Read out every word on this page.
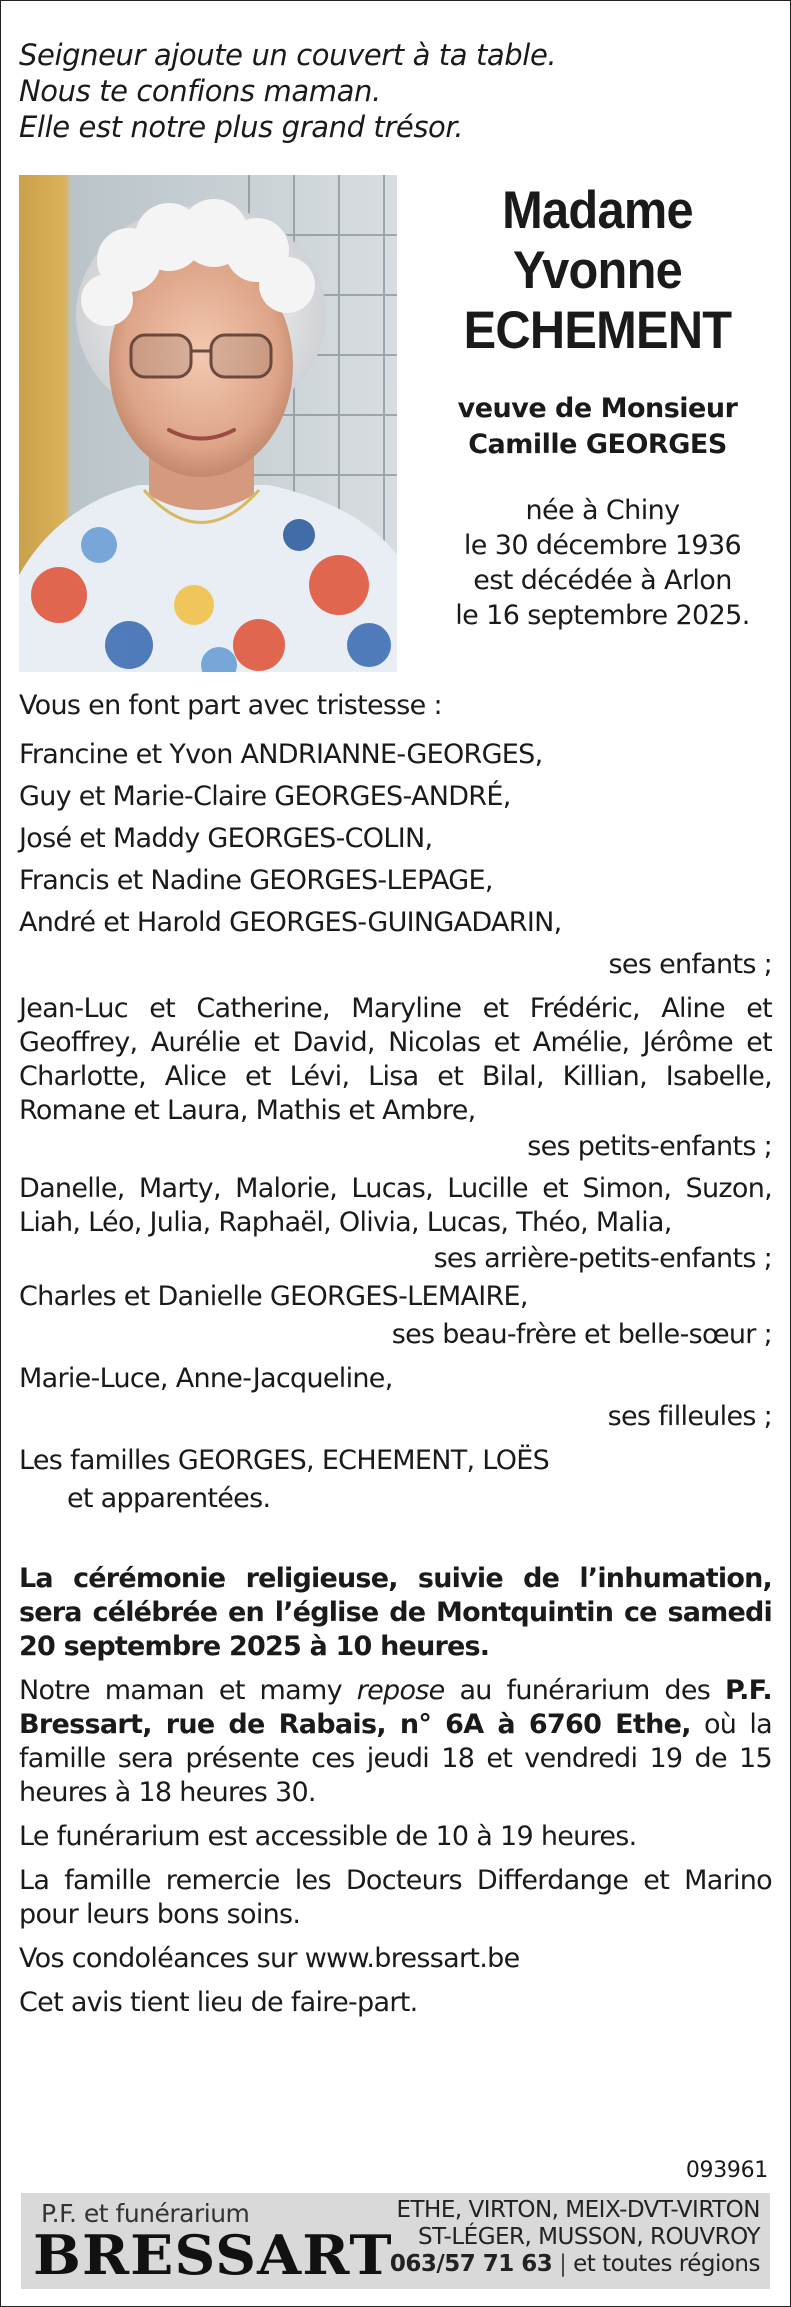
Seigneur ajoute un couvert à ta table.
Nous te confions maman.
Elle est notre plus grand trésor.
Madame
Yvonne
ECHEMENT
veuve de Monsieur
Camille GEORGES
née à Chiny
le 30 décembre 1936
est décédée à Arlon
le 16 septembre 2025.
Vous en font part avec tristesse :
Francine et Yvon ANDRIANNE-GEORGES,
Guy et Marie-Claire GEORGES-ANDRÉ,
José et Maddy GEORGES-COLIN,
Francis et Nadine GEORGES-LEPAGE,
André et Harold GEORGES-GUINGADARIN,
ses enfants ;
Jean-Luc et Catherine, Maryline et Frédéric, Aline et Geoffrey, Aurélie et David, Nicolas et Amélie, Jérôme et Charlotte, Alice et Lévi, Lisa et Bilal, Killian, Isabelle, Romane et Laura, Mathis et Ambre,
ses petits-enfants ;
Danelle, Marty, Malorie, Lucas, Lucille et Simon, Suzon, Liah, Léo, Julia, Raphaël, Olivia, Lucas, Théo, Malia,
ses arrière-petits-enfants ;
Charles et Danielle GEORGES-LEMAIRE,
ses beau-frère et belle-sœur ;
Marie-Luce, Anne-Jacqueline,
ses filleules ;
Les familles GEORGES, ECHEMENT, LOËS
et apparentées.
La cérémonie religieuse, suivie de l’inhumation, sera célébrée en l’église de Montquintin ce samedi 20 septembre 2025 à 10 heures.
Notre maman et mamy repose au funérarium des P.F. Bressart, rue de Rabais, n° 6A à 6760 Ethe, où la famille sera présente ces jeudi 18 et vendredi 19 de 15 heures à 18 heures 30.
Le funérarium est accessible de 10 à 19 heures.
La famille remercie les Docteurs Differdange et Marino pour leurs bons soins.
Vos condoléances sur www.bressart.be
Cet avis tient lieu de faire-part.
093961
P.F. et funérarium
BRESSART
ETHE, VIRTON, MEIX-DVT-VIRTON
ST-LÉGER, MUSSON, ROUVROY
063/57 71 63 | et toutes régions
